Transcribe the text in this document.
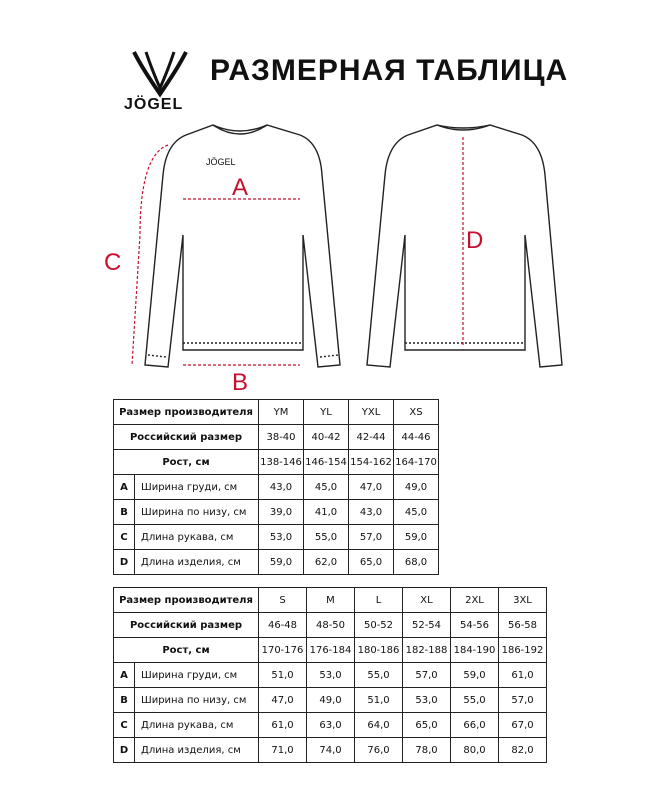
JÖGEL
РАЗМЕРНАЯ ТАБЛИЦА
JÖGEL
A
B
C
D
Размер производителя		YM	YL	YXL	XS
Российский размер		38-40	40-42	42-44	44-46
Рост, см		138-146	146-154	154-162	164-170
A	Ширина груди, см	43,0	45,0	47,0	49,0
B	Ширина по низу, см	39,0	41,0	43,0	45,0
C	Длина рукава, см	53,0	55,0	57,0	59,0
D	Длина изделия, см	59,0	62,0	65,0	68,0
Размер производителя		S	M	L	XL	2XL	3XL
Российский размер		46-48	48-50	50-52	52-54	54-56	56-58
Рост, см		170-176	176-184	180-186	182-188	184-190	186-192
A	Ширина груди, см	51,0	53,0	55,0	57,0	59,0	61,0
B	Ширина по низу, см	47,0	49,0	51,0	53,0	55,0	57,0
C	Длина рукава, см	61,0	63,0	64,0	65,0	66,0	67,0
D	Длина изделия, см	71,0	74,0	76,0	78,0	80,0	82,0
